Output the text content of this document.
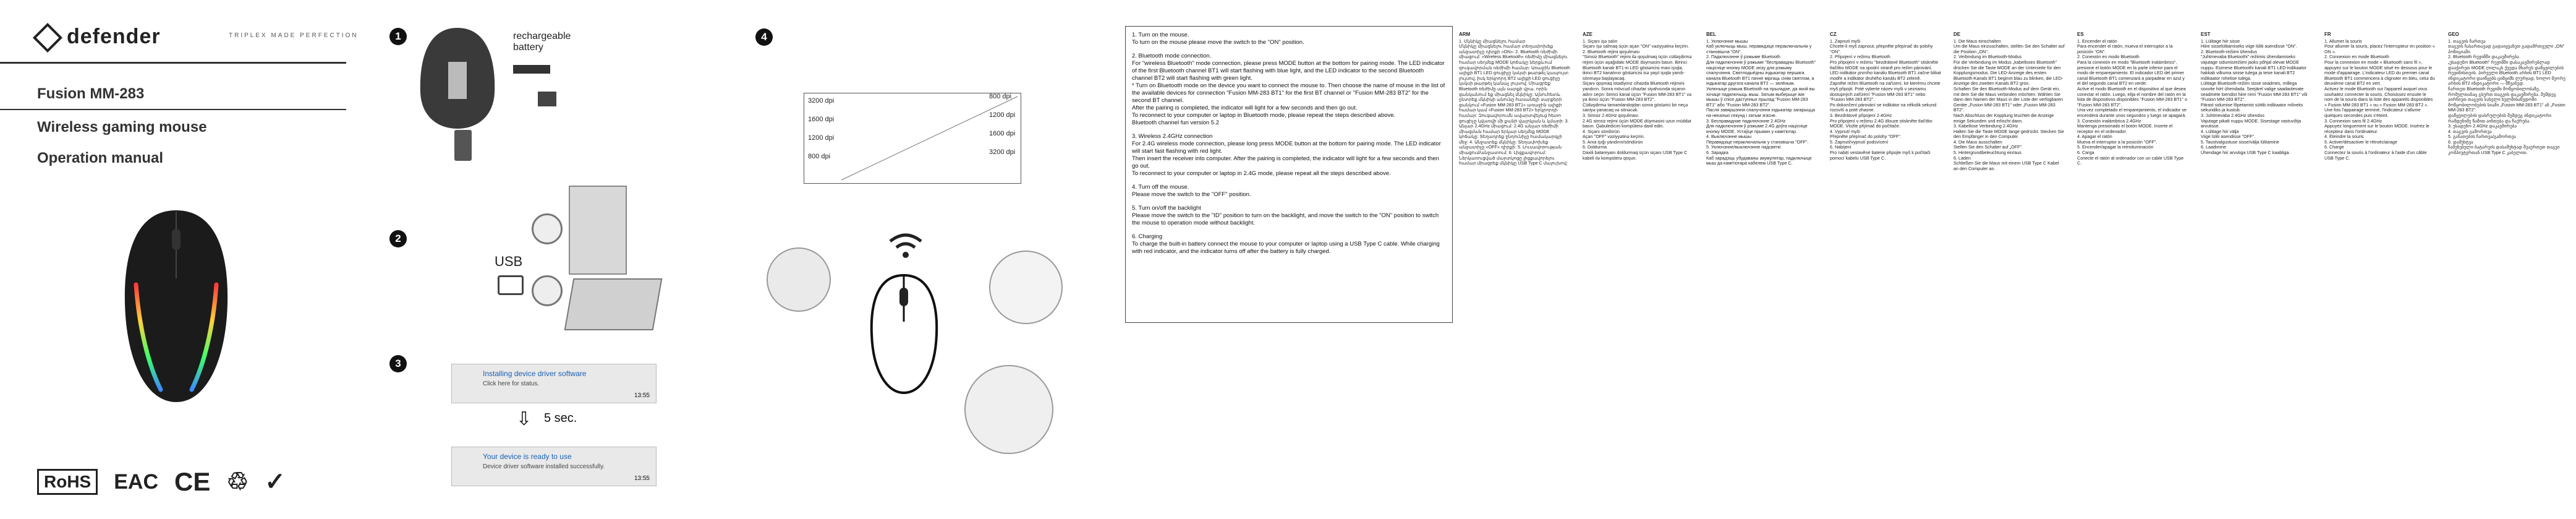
defender	TRIPLEX MADE PERFECTION
Fusion MM-283
Wireless gaming mouse
Operation manual
RoHS	EAC CE ♲ ✓
1	rechargeable
battery
2
USB
3
Installing device driver software
Click here for status.
13:55
⇩ 5 sec.
Your device is ready to use
Device driver software installed successfully.
13:55
4
3200 dpi
1600 dpi
1200 dpi
800 dpi
800 dpi
1200 dpi
1600 dpi
3200 dpi

1. Turn on the mouse.
To turn on the mouse please move the switch to the "ON" position.

2. Bluetooth mode connection.
For "wireless Bluetooth" mode connection, please press MODE button at the bottom for pairing mode. The LED indicator of the first Bluetooth channel BT1 will start flashing with blue light, and the LED indicator to the second Bluetooth channel BT2 will start flashing with green light.
* Turn on Bluetooth mode on the device you want to connect the mouse to. Then choose the name of mouse in the list of the available devices for connection "Fusion MM-283 BT1" for the first BT channel or "Fusion MM-283 BT2" for the second BT channel.
After the pairing is completed, the indicator will light for a few seconds and then go out.
To reconnect to your computer or laptop in Bluetooth mode, please repeat the steps described above.
Bluetooth channel fun version 5.2

3. Wireless 2.4GHz connection
For 2.4G wireless mode connection, please long press MODE button at the bottom for pairing mode. The LED indicator will start fast flashing with red light.
Then insert the receiver into computer. After the pairing is completed, the indicator will light for a few seconds and then go out.
To reconnect to your computer or laptop in 2.4G mode, please repeat all the steps described above.

4. Turn off the mouse.
Please move the switch to the "OFF" position.

5. Turn on/off the backlight
Please move the switch to the "ID" position to turn on the backlight, and move the switch to the "ON" position to switch the mouse to operation mode without backlight.

6. Charging
To charge the built-in battery connect the mouse to your computer or laptop using a USB Type C cable. While charging with red indicator, and the indicator turns off after the battery is fully charged.

ARM

1. Մկնիկը միացնելու համար
Մկնիկը միացնելու համար տեղափոխեք անջատիչը դիրքի «ON»: 2. Bluetooth ռեժիմի միացում: «Wireless Bluetooth» ռեժիմը միացնելու համար սեղմեք MODE կոճակը ներքևում զուգավորման ռեժիմի համար: Առաջին Bluetooth ալիքի BT1 LED ցուցիչը կսկսի թարթել կապույտ լույսով, իսկ երկրորդ BT2 ալիքի LED ցուցիչը կսկսի թարթել կանաչ լույսով: Միացրեք Bluetooth ռեժիմը այն սարքի վրա, որին ցանկանում եք միացնել մկնիկը: Այնուհետև ընտրեք մկնիկի անունը հասանելի սարքերի ցանկում «Fusion MM-283 BT1» առաջին ալիքի համար կամ «Fusion MM-283 BT2» երկրորդի համար: Զուգավորումն ավարտվելուց հետո ցուցիչը կվառվի մի քանի վայրկյան և կմարի: 3. Անլար 2.4GHz միացում: 2.4G անլար ռեժիմի միացման համար երկար սեղմեք MODE կոճակը: Տեղադրեք ընդունիչը համակարգչի մեջ: 4. Անջատեք մկնիկը: Տեղափոխեք անջատիչը «OFF» դիրքի: 5. Լուսավորության միացում/անջատում: 6. Լիցքավորում: Ներկառուցված մարտկոցը լիցքավորելու համար միացրեք մկնիկը USB Type C մալուխով:

AZE

1. Siçanı işə salın
Siçanı işə salmaq üçün açarı "ON" vəziyyətinə keçirin.
2. Bluetooth rejimi qoşulması
"Simsiz Bluetooth" rejimi ilə qoşulmaq üçün cütləşdirmə rejimi üçün aşağıdakı MODE düyməsini basın. Birinci Bluetooth kanalı BT1-in LED göstəricisi mavi işıqla, ikinci BT2 kanalının göstəricisi isə yaşıl işıqla yanıb-sönməyə başlayacaq.
Siçanı qoşmaq istədiyiniz cihazda Bluetooth rejimini yandırın. Sonra mövcud cihazlar siyahısında siçanın adını seçin: birinci kanal üçün "Fusion MM-283 BT1" və ya ikinci üçün "Fusion MM-283 BT2".
Cütləşdirmə tamamlandıqdan sonra göstərici bir neçə saniyə yanacaq və sönəcək.
3. Simsiz 2.4GHz qoşulması
2.4G simsiz rejimi üçün MODE düyməsini uzun müddət basın. Qəbuledicini kompüterə daxil edin.
4. Siçanı söndürün
Açarı "OFF" vəziyyətinə keçirin.
5. Arxa işığı yandırın/söndürün
6. Doldurma
Daxili batareyanı doldurmaq üçün siçanı USB Type C kabeli ilə kompüterə qoşun.

BEL

1. Уключэнне мышы
Каб уключыць мыш, перавядзіце пераключальнік у становішча "ON".
2. Падключэнне ў рэжыме Bluetooth
Для падключэння ў рэжыме "бесправадны Bluetooth" націсніце кнопку MODE знізу для рэжыму спалучэння. Святлодыёдны індыкатар першага канала Bluetooth BT1 пачне міргаць сінім святлом, а індыкатар другога канала BT2 — зялёным.
Уключыце рэжым Bluetooth на прыладзе, да якой вы хочаце падключыць мыш. Затым выберыце імя мышы ў спісе даступных прылад "Fusion MM-283 BT1" або "Fusion MM-283 BT2".
Пасля завяршэння спалучэння індыкатар загарыцца на некалькі секунд і затым згасне.
3. Бесправаднае падключэнне 2.4GHz
Для падключэння ў рэжыме 2.4G доўга націсніце кнопку MODE. Устаўце прымач у камп'ютар.
4. Выключэнне мышы
Перавядзіце пераключальнік у становішча "OFF".
5. Уключэнне/выключэнне падсветкі
6. Зарадка
Каб зарадзіць убудаваны акумулятар, падключыце мыш да камп'ютара кабелем USB Type C.

CZ

1. Zapnutí myši
Chcete-li myš zapnout, přepněte přepínač do polohy "ON".
2. Připojení v režimu Bluetooth
Pro připojení v režimu "bezdrátové Bluetooth" stiskněte tlačítko MODE na spodní straně pro režim párování. LED indikátor prvního kanálu Bluetooth BT1 začne blikat modře a indikátor druhého kanálu BT2 zeleně.
Zapněte režim Bluetooth na zařízení, ke kterému chcete myš připojit. Poté vyberte název myši v seznamu dostupných zařízení "Fusion MM-283 BT1" nebo "Fusion MM-283 BT2".
Po dokončení párování se indikátor na několik sekund rozsvítí a poté zhasne.
3. Bezdrátové připojení 2.4GHz
Pro připojení v režimu 2.4G dlouze stiskněte tlačítko MODE. Vložte přijímač do počítače.
4. Vypnutí myši
Přepněte přepínač do polohy "OFF".
5. Zapnutí/vypnutí podsvícení
6. Nabíjení
Pro nabití vestavěné baterie připojte myš k počítači pomocí kabelu USB Type C.

DE

1. Die Maus einschalten
Um die Maus einzuschalten, stellen Sie den Schalter auf die Position „ON".
2. Verbindung im Bluetooth-Modus
Für die Verbindung im Modus „kabelloses Bluetooth" drücken Sie die Taste MODE an der Unterseite für den Kopplungsmodus. Die LED-Anzeige des ersten Bluetooth-Kanals BT1 beginnt blau zu blinken, die LED-Anzeige des zweiten Kanals BT2 grün.
Schalten Sie den Bluetooth-Modus auf dem Gerät ein, mit dem Sie die Maus verbinden möchten. Wählen Sie dann den Namen der Maus in der Liste der verfügbaren Geräte „Fusion MM-283 BT1" oder „Fusion MM-283 BT2".
Nach Abschluss der Kopplung leuchtet die Anzeige einige Sekunden und erlischt dann.
3. Kabellose Verbindung 2.4GHz
Halten Sie die Taste MODE lange gedrückt. Stecken Sie den Empfänger in den Computer.
4. Die Maus ausschalten
Stellen Sie den Schalter auf „OFF".
5. Hintergrundbeleuchtung ein/aus
6. Laden
Schließen Sie die Maus mit einem USB Type C Kabel an den Computer an.

ES

1. Encender el ratón
Para encender el ratón, mueva el interruptor a la posición "ON".
2. Conexión en modo Bluetooth
Para la conexión en modo "Bluetooth inalámbrico", presione el botón MODE en la parte inferior para el modo de emparejamiento. El indicador LED del primer canal Bluetooth BT1 comenzará a parpadear en azul y el del segundo canal BT2 en verde.
Active el modo Bluetooth en el dispositivo al que desea conectar el ratón. Luego, elija el nombre del ratón en la lista de dispositivos disponibles "Fusion MM-283 BT1" o "Fusion MM-283 BT2".
Una vez completado el emparejamiento, el indicador se encenderá durante unos segundos y luego se apagará.
3. Conexión inalámbrica 2.4GHz
Mantenga presionado el botón MODE. Inserte el receptor en el ordenador.
4. Apagar el ratón
Mueva el interruptor a la posición "OFF".
5. Encender/apagar la retroiluminación
6. Carga
Conecte el ratón al ordenador con un cable USB Type C.

EST

1. Lülitage hiir sisse
Hiire sisselülitamiseks viige lüliti asendisse "ON".
2. Bluetooth-režiimi ühendus
"Juhtmevaba Bluetoothi" režiimis ühendamiseks vajutage sidumisrežiimi jaoks põhjal olevat MODE nuppu. Esimese Bluetoothi kanali BT1 LED-indikaator hakkab vilkuma sinise tulega ja teise kanali BT2 indikaator rohelise tulega.
Lülitage Bluetooth-režiim sisse seadmes, millega soovite hiirt ühendada. Seejärel valige saadaolevate seadmete loendist hiire nimi "Fusion MM-283 BT1" või "Fusion MM-283 BT2".
Pärast sidumise lõpetamist süttib indikaator mõneks sekundiks ja kustub.
3. Juhtmevaba 2.4GHz ühendus
Vajutage pikalt nuppu MODE. Sisestage vastuvõtja arvutisse.
4. Lülitage hiir välja
Viige lüliti asendisse "OFF".
5. Taustvalgustuse sisse/välja lülitamine
6. Laadimine
Ühendage hiir arvutiga USB Type C kaabliga.

FR

1. Allumer la souris
Pour allumer la souris, placez l'interrupteur en position « ON ».
2. Connexion en mode Bluetooth
Pour la connexion en mode « Bluetooth sans fil », appuyez sur le bouton MODE situé en dessous pour le mode d'appairage. L'indicateur LED du premier canal Bluetooth BT1 commencera à clignoter en bleu, celui du deuxième canal BT2 en vert.
Activez le mode Bluetooth sur l'appareil auquel vous souhaitez connecter la souris. Choisissez ensuite le nom de la souris dans la liste des appareils disponibles « Fusion MM-283 BT1 » ou « Fusion MM-283 BT2 ».
Une fois l'appairage terminé, l'indicateur s'allume quelques secondes puis s'éteint.
3. Connexion sans fil 2.4GHz
Appuyez longuement sur le bouton MODE. Insérez le récepteur dans l'ordinateur.
4. Éteindre la souris
5. Activer/désactiver le rétroéclairage
6. Charge
Connectez la souris à l'ordinateur à l'aide d'un câble USB Type C.

GEO

1. თაგვის ჩართვა
თაგვის ჩასართავად გადაიყვანეთ გადამრთველი „ON" პოზიციაში.
2. Bluetooth რეჟიმში დაკავშირება
„უსადენო Bluetooth" რეჟიმში დასაკავშირებლად დააჭირეთ MODE ღილაკს ქვედა მხარეს დაწყვილების რეჟიმისთვის. პირველი Bluetooth არხის BT1 LED ინდიკატორი დაიწყებს ციმციმს ლურჯად, ხოლო მეორე არხის BT2 ინდიკატორი — მწვანედ.
ჩართეთ Bluetooth რეჟიმი მოწყობილობაზე, რომელთანაც გსურთ თაგვის დაკავშირება. შემდეგ აირჩიეთ თაგვის სახელი ხელმისაწვდომი მოწყობილობების სიაში „Fusion MM-283 BT1" ან „Fusion MM-283 BT2".
დაწყვილების დასრულების შემდეგ ინდიკატორი რამდენიმე წამით აინთება და ჩაქრება.
3. უსადენო 2.4GHz დაკავშირება
4. თაგვის გამორთვა
5. განათების ჩართვა/გამორთვა
6. დამუხტვა
ჩაშენებული ბატარეის დასამუხტად შეაერთეთ თაგვი კომპიუტერთან USB Type C კაბელით.
